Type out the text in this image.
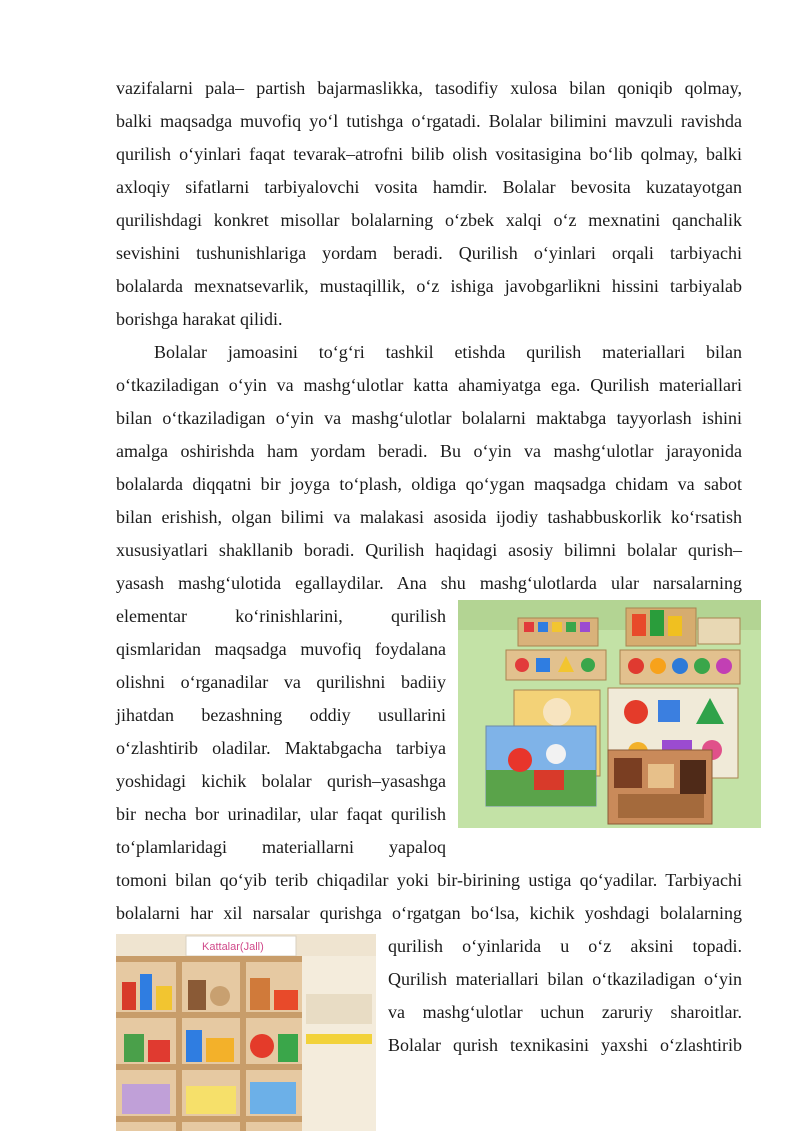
vazifalarni pala– partish bajarmaslikka, tasodifiy xulosa bilan qoniqib qolmay,
balki maqsadga muvofiq yo‘l tutishga o‘rgatadi. Bolalar bilimini mavzuli ravishda
qurilish o‘yinlari faqat tevarak–atrofni bilib olish vositasigina bo‘lib qolmay, balki
axloqiy sifatlarni tarbiyalovchi vosita hamdir. Bolalar bevosita kuzatayotgan
qurilishdagi konkret misollar bolalarning o‘zbek xalqi o‘z mexnatini qanchalik
sevishini tushunishlariga yordam beradi. Qurilish o‘yinlari orqali tarbiyachi
bolalarda mexnatsevarlik, mustaqillik, o‘z ishiga javobgarlikni hissini tarbiyalab
borishga harakat qilidi.
Bolalar jamoasini to‘g‘ri tashkil etishda qurilish materiallari bilan
o‘tkaziladigan o‘yin va mashg‘ulotlar katta ahamiyatga ega. Qurilish materiallari
bilan o‘tkaziladigan o‘yin va mashg‘ulotlar bolalarni maktabga tayyorlash ishini
amalga oshirishda ham yordam beradi. Bu o‘yin va mashg‘ulotlar jarayonida
bolalarda diqqatni bir joyga to‘plash, oldiga qo‘ygan maqsadga chidam va sabot
bilan erishish, olgan bilimi va malakasi asosida ijodiy tashabbuskorlik ko‘rsatish
xususiyatlari shakllanib boradi. Qurilish haqidagi asosiy bilimni bolalar qurish–
yasash mashg‘ulotida egallaydilar. Ana shu mashg‘ulotlarda ular narsalarning
elementar ko‘rinishlarini, qurilish
qismlaridan maqsadga muvofiq foydalana
olishni o‘rganadilar va qurilishni badiiy
jihatdan bezashning oddiy usullarini
o‘zlashtirib oladilar. Maktabgacha tarbiya
yoshidagi kichik bolalar qurish–yasashga
bir necha bor urinadilar, ular faqat qurilish
to‘plamlaridagi materiallarni yapaloq
tomoni bilan qo‘yib terib chiqadilar yoki bir-birining ustiga qo‘yadilar. Tarbiyachi
bolalarni har xil narsalar qurishga o‘rgatgan bo‘lsa, kichik yoshdagi bolalarning
qurilish o‘yinlarida u o‘z aksini topadi.
Qurilish materiallari bilan o‘tkaziladigan o‘yin
va mashg‘ulotlar uchun zaruriy sharoitlar.
Bolalar qurish texnikasini yaxshi o‘zlashtirib
Kattalar(Jall)
